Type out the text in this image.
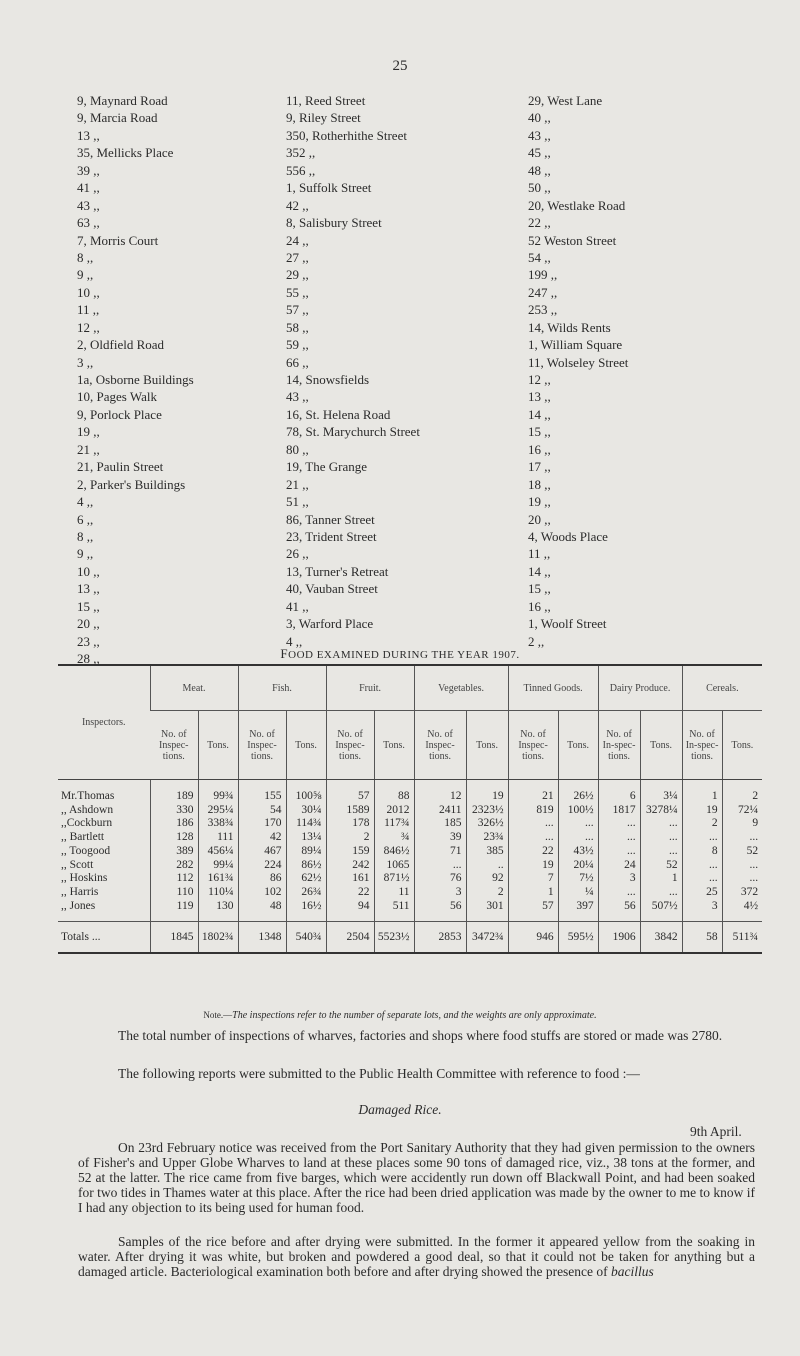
25
9, Maynard Road
9, Marcia Road
13 ,,
35, Mellicks Place
39 ,,
41 ,,
43 ,,
63 ,,
7, Morris Court
8 ,,
9 ,,
10 ,,
11 ,,
12 ,,
2, Oldfield Road
3 ,,
1a, Osborne Buildings
10, Pages Walk
9, Porlock Place
19 ,,
21 ,,
21, Paulin Street
2, Parker's Buildings
4 ,,
6 ,,
8 ,,
9 ,,
10 ,,
13 ,,
15 ,,
20 ,,
23 ,,
28 ,,
11, Reed Street
9, Riley Street
350, Rotherhithe Street
352 ,,
556 ,,
1, Suffolk Street
42 ,,
8, Salisbury Street
24 ,,
27 ,,
29 ,,
55 ,,
57 ,,
58 ,,
59 ,,
66 ,,
14, Snowsfields
43 ,,
16, St. Helena Road
78, St. Marychurch Street
80 ,,
19, The Grange
21 ,,
51 ,,
86, Tanner Street
23, Trident Street
26 ,,
13, Turner's Retreat
40, Vauban Street
41 ,,
3, Warford Place
4 ,,
29, West Lane
40 ,,
43 ,,
45 ,,
48 ,,
50 ,,
20, Westlake Road
22 ,,
52 Weston Street
54 ,,
199 ,,
247 ,,
253 ,,
14, Wilds Rents
1, William Square
11, Wolseley Street
12 ,,
13 ,,
14 ,,
15 ,,
16 ,,
17 ,,
18 ,,
19 ,,
20 ,,
4, Woods Place
11 ,,
14 ,,
15 ,,
16 ,,
1, Woolf Street
2 ,,
FOOD EXAMINED DURING THE YEAR 1907.
Inspectors.	Meat.		Fish.		Fruit.		Vegetables.		Tinned Goods.		Dairy Produce.		Cereals.	
	No. of Inspec-tions.	Tons.	No. of Inspec-tions.	Tons.	No. of Inspec-tions.	Tons.	No. of Inspec-tions.	Tons.	No. of Inspec-tions.	Tons.	No. of In-spec-tions.	Tons.	No. of In-spec-tions.	Tons.
Mr.Thomas	189	99¾	155	100⅝	57	88	12	19	21	26½	6	3¼	1	2
,, Ashdown	330	295¼	54	30¼	1589	2012	2411	2323½	819	100½	1817	3278¼	19	72¼
,,Cockburn	186	338¾	170	114¾	178	117¾	185	326½	...	...	...	...	2	9
,, Bartlett	128	111	42	13¼	2	¾	39	23¾	...	...	...	...	...	...
,, Toogood	389	456¼	467	89¼	159	846½	71	385	22	43½	...	...	8	52
,, Scott	282	99¼	224	86½	242	1065	...	..	19	20¼	24	52	...	...
,, Hoskins	112	161¾	86	62½	161	871½	76	92	7	7½	3	1	...	...
,, Harris	110	110¼	102	26¾	22	11	3	2	1	¼	...	...	25	372
,, Jones	119	130	48	16½	94	511	56	301	57	397	56	507½	3	4½
Totals ...	1845	1802¾	1348	540¾	2504	5523½	2853	3472¾	946	595½	1906	3842	58	511¾
Note.—The inspections refer to the number of separate lots, and the weights are only approximate.
The total number of inspections of wharves, factories and shops where food stuffs are stored or made was 2780.
The following reports were submitted to the Public Health Committee with reference to food :—
Damaged Rice.
9th April.
On 23rd February notice was received from the Port Sanitary Authority that they had given permission to the owners of Fisher's and Upper Globe Wharves to land at these places some 90 tons of damaged rice, viz., 38 tons at the former, and 52 at the latter. The rice came from five barges, which were accidently run down off Blackwall Point, and had been soaked for two tides in Thames water at this place. After the rice had been dried application was made by the owner to me to know if I had any objection to its being used for human food.
Samples of the rice before and after drying were submitted. In the former it appeared yellow from the soaking in water. After drying it was white, but broken and powdered a good deal, so that it could not be taken for anything but a damaged article. Bacteriological examination both before and after drying showed the presence of bacillus
